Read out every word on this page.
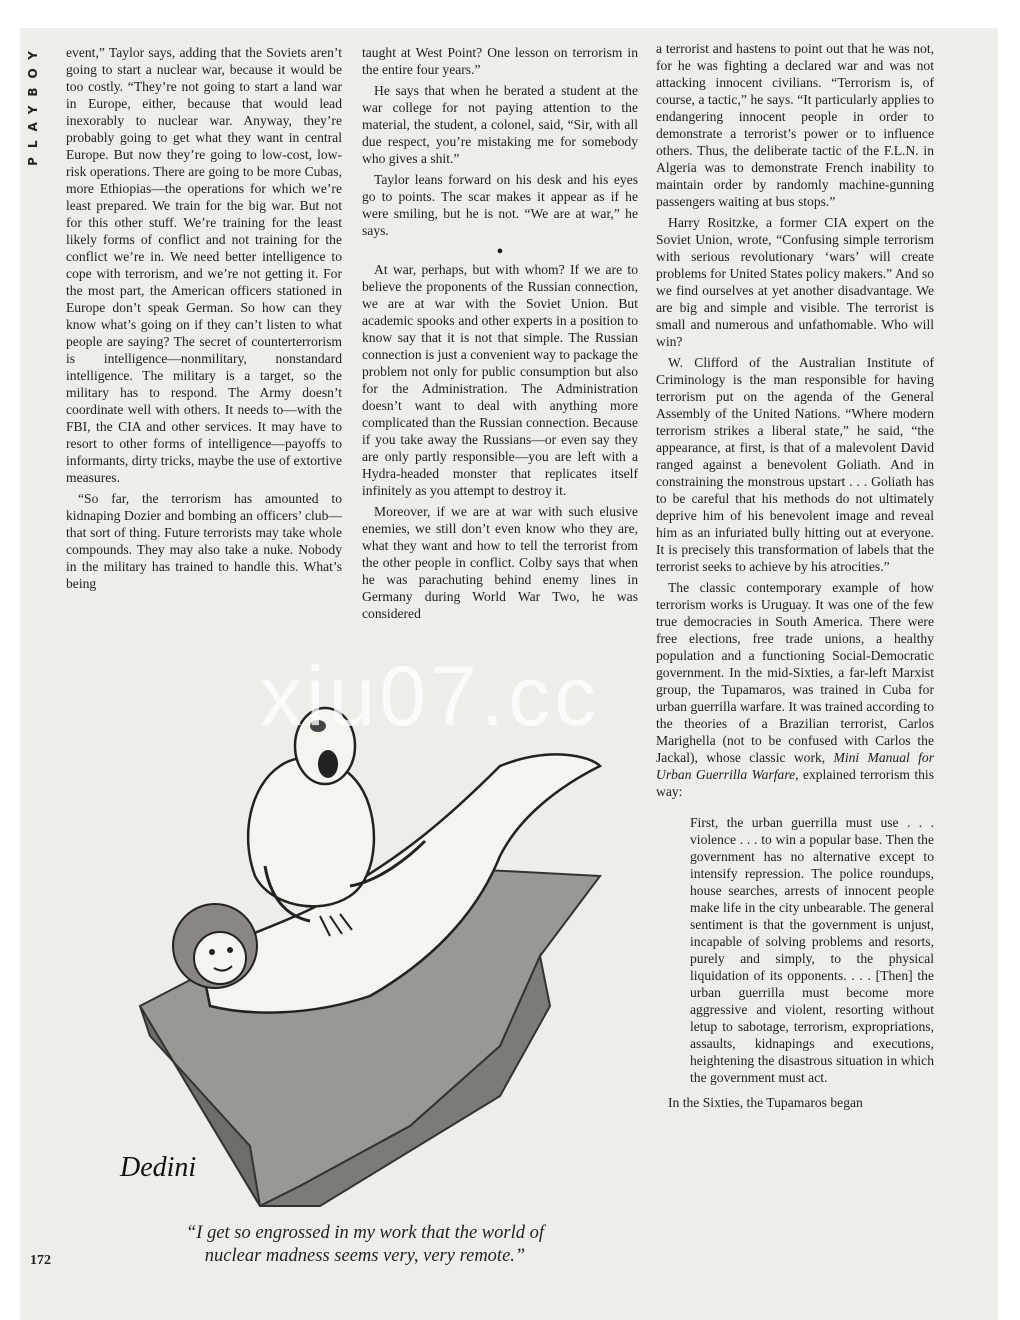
PLAYBOY event,” Taylor says, adding that the Soviets aren’t going to start a nuclear war, because it would be too costly. “They’re not going to start a land war in Europe, either, because that would lead inexorably to nuclear war. Anyway, they’re probably going to get what they want in central Europe. But now they’re going to low-cost, low-risk operations. There are going to be more Cubas, more Ethiopias—the operations for which we’re least prepared. We train for the big war. But not for this other stuff. We’re training for the least likely forms of conflict and not training for the conflict we’re in. We need better intelligence to cope with terrorism, and we’re not getting it. For the most part, the American officers stationed in Europe don’t speak German. So how can they know what’s going on if they can’t listen to what people are saying? The secret of counterterrorism is intelligence—nonmilitary, nonstandard intelligence. The military is a target, so the military has to respond. The Army doesn’t coordinate well with others. It needs to—with the FBI, the CIA and other services. It may have to resort to other forms of intelligence—payoffs to informants, dirty tricks, maybe the use of extortive measures.

“So far, the terrorism has amounted to kidnaping Dozier and bombing an officers’ club—that sort of thing. Future terrorists may take whole compounds. They may also take a nuke. Nobody in the military has trained to handle this. What’s being

taught at West Point? One lesson on terrorism in the entire four years.”

He says that when he berated a student at the war college for not paying attention to the material, the student, a colonel, said, “Sir, with all due respect, you’re mistaking me for somebody who gives a shit.”

Taylor leans forward on his desk and his eyes go to points. The scar makes it appear as if he were smiling, but he is not. “We are at war,” he says.

●

At war, perhaps, but with whom? If we are to believe the proponents of the Russian connection, we are at war with the Soviet Union. But academic spooks and other experts in a position to know say that it is not that simple. The Russian connection is just a convenient way to package the problem not only for public consumption but also for the Administration. The Administration doesn’t want to deal with anything more complicated than the Russian connection. Because if you take away the Russians—or even say they are only partly responsible—you are left with a Hydra-headed monster that replicates itself infinitely as you attempt to destroy it.

Moreover, if we are at war with such elusive enemies, we still don’t even know who they are, what they want and how to tell the terrorist from the other people in conflict. Colby says that when he was parachuting behind enemy lines in Germany during World War Two, he was considered

a terrorist and hastens to point out that he was not, for he was fighting a declared war and was not attacking innocent civilians. “Terrorism is, of course, a tactic,” he says. “It particularly applies to endangering innocent people in order to demonstrate a terrorist’s power or to influence others. Thus, the deliberate tactic of the F.L.N. in Algeria was to demonstrate French inability to maintain order by randomly machine-gunning passengers waiting at bus stops.”

Harry Rositzke, a former CIA expert on the Soviet Union, wrote, “Confusing simple terrorism with serious revolutionary ‘wars’ will create problems for United States policy makers.” And so we find ourselves at yet another disadvantage. We are big and simple and visible. The terrorist is small and numerous and unfathomable. Who will win?

W. Clifford of the Australian Institute of Criminology is the man responsible for having terrorism put on the agenda of the General Assembly of the United Nations. “Where modern terrorism strikes a liberal state,” he said, “the appearance, at first, is that of a malevolent David ranged against a benevolent Goliath. And in constraining the monstrous upstart . . . Goliath has to be careful that his methods do not ultimately deprive him of his benevolent image and reveal him as an infuriated bully hitting out at everyone. It is precisely this transformation of labels that the terrorist seeks to achieve by his atrocities.”

The classic contemporary example of how terrorism works is Uruguay. It was one of the few true democracies in South America. There were free elections, free trade unions, a healthy population and a functioning Social-Democratic government. In the mid-Sixties, a far-left Marxist group, the Tupamaros, was trained in Cuba for urban guerrilla warfare. It was trained according to the theories of a Brazilian terrorist, Carlos Marighella (not to be confused with Carlos the Jackal), whose classic work, Mini Manual for Urban Guerrilla Warfare, explained terrorism this way:

First, the urban guerrilla must use . . . violence . . . to win a popular base. Then the government has no alternative except to intensify repression. The police roundups, house searches, arrests of innocent people make life in the city unbearable. The general sentiment is that the government is unjust, incapable of solving problems and resorts, purely and simply, to the physical liquidation of its opponents. . . . [Then] the urban guerrilla must become more aggressive and violent, resorting without letup to sabotage, terrorism, expropriations, assaults, kidnapings and executions, heightening the disastrous situation in which the government must act.

In the Sixties, the Tupamaros began

Dedini
“I get so engrossed in my work that the world of
nuclear madness seems very, very remote.”
172
xiu07.cc
